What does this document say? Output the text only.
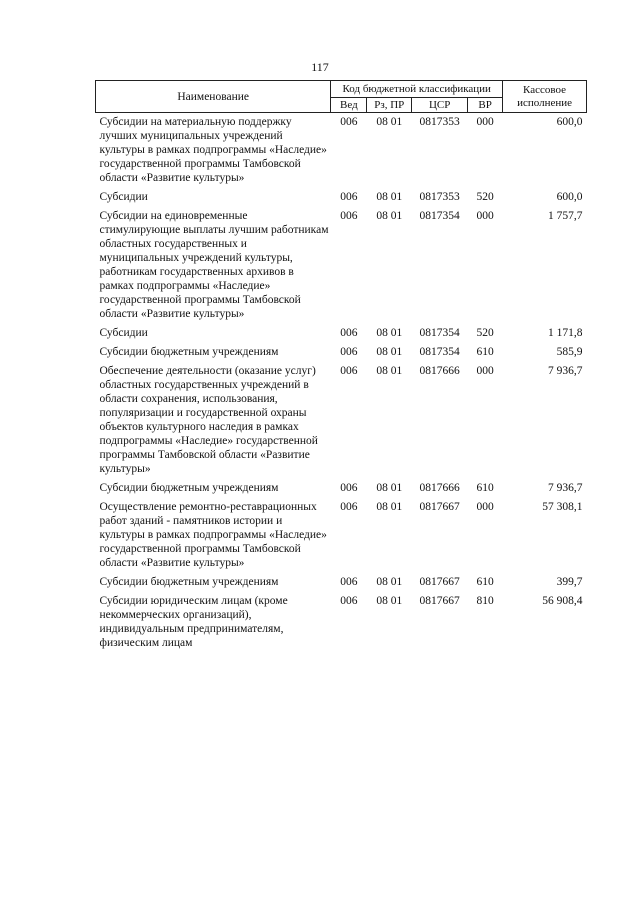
117
Наименование	Код бюджетной классификации				Кассовое исполнение
	Вед	Рз, ПР	ЦСР	ВР	
Субсидии на материальную поддержку лучших муниципальных учреждений культуры в рамках подпрограммы «Наследие» государственной программы Тамбовской области «Развитие культуры»	006	08 01	0817353	000	600,0
Субсидии	006	08 01	0817353	520	600,0
Субсидии на единовременные стимулирующие выплаты лучшим работникам областных государственных и муниципальных учреждений культуры, работникам государственных архивов в рамках подпрограммы «Наследие» государственной программы Тамбовской области «Развитие культуры»	006	08 01	0817354	000	1 757,7
Субсидии	006	08 01	0817354	520	1 171,8
Субсидии бюджетным учреждениям	006	08 01	0817354	610	585,9
Обеспечение деятельности (оказание услуг) областных государственных учреждений в области сохранения, использования, популяризации и государственной охраны объектов культурного наследия в рамках подпрограммы «Наследие» государственной программы Тамбовской области «Развитие культуры»	006	08 01	0817666	000	7 936,7
Субсидии бюджетным учреждениям	006	08 01	0817666	610	7 936,7
Осуществление ремонтно-реставрационных работ зданий - памятников истории и культуры в рамках подпрограммы «Наследие» государственной программы Тамбовской области «Развитие культуры»	006	08 01	0817667	000	57 308,1
Субсидии бюджетным учреждениям	006	08 01	0817667	610	399,7
Субсидии юридическим лицам (кроме некоммерческих организаций), индивидуальным предпринимателям, физическим лицам	006	08 01	0817667	810	56 908,4
